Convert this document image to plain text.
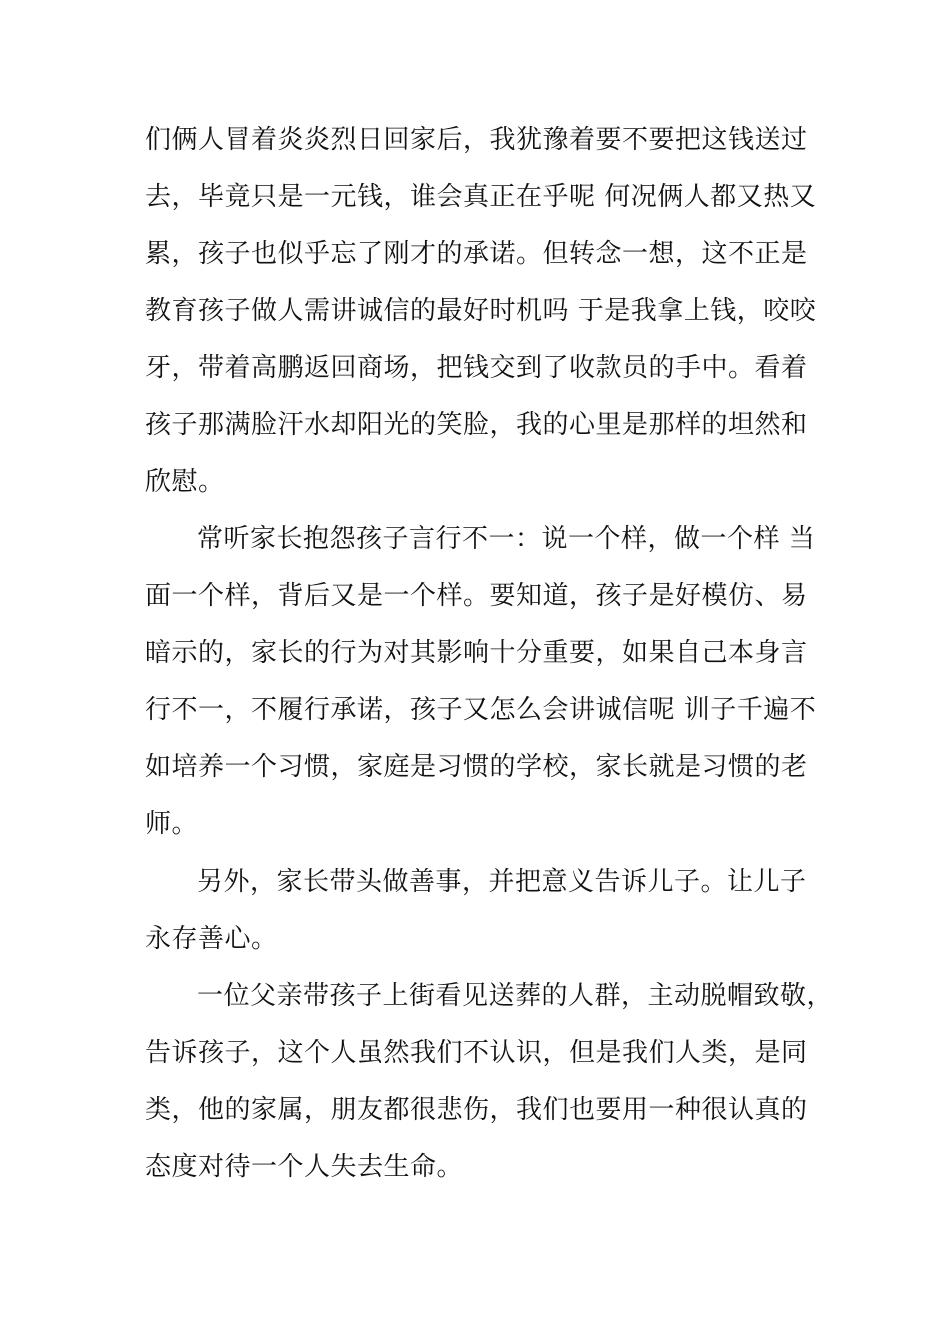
们俩人冒着炎炎烈日回家后，我犹豫着要不要把这钱送过
去，毕竟只是一元钱，谁会真正在乎呢 何况俩人都又热又
累，孩子也似乎忘了刚才的承诺。但转念一想，这不正是
教育孩子做人需讲诚信的最好时机吗 于是我拿上钱，咬咬
牙，带着高鹏返回商场，把钱交到了收款员的手中。看着
孩子那满脸汗水却阳光的笑脸，我的心里是那样的坦然和
欣慰。
常听家长抱怨孩子言行不一：说一个样，做一个样 当
面一个样，背后又是一个样。要知道，孩子是好模仿、易
暗示的，家长的行为对其影响十分重要，如果自己本身言
行不一，不履行承诺，孩子又怎么会讲诚信呢 训子千遍不
如培养一个习惯，家庭是习惯的学校，家长就是习惯的老
师。
另外，家长带头做善事，并把意义告诉儿子。让儿子
永存善心。
一位父亲带孩子上街看见送葬的人群，主动脱帽致敬，
告诉孩子，这个人虽然我们不认识，但是我们人类，是同
类，他的家属，朋友都很悲伤，我们也要用一种很认真的
态度对待一个人失去生命。
